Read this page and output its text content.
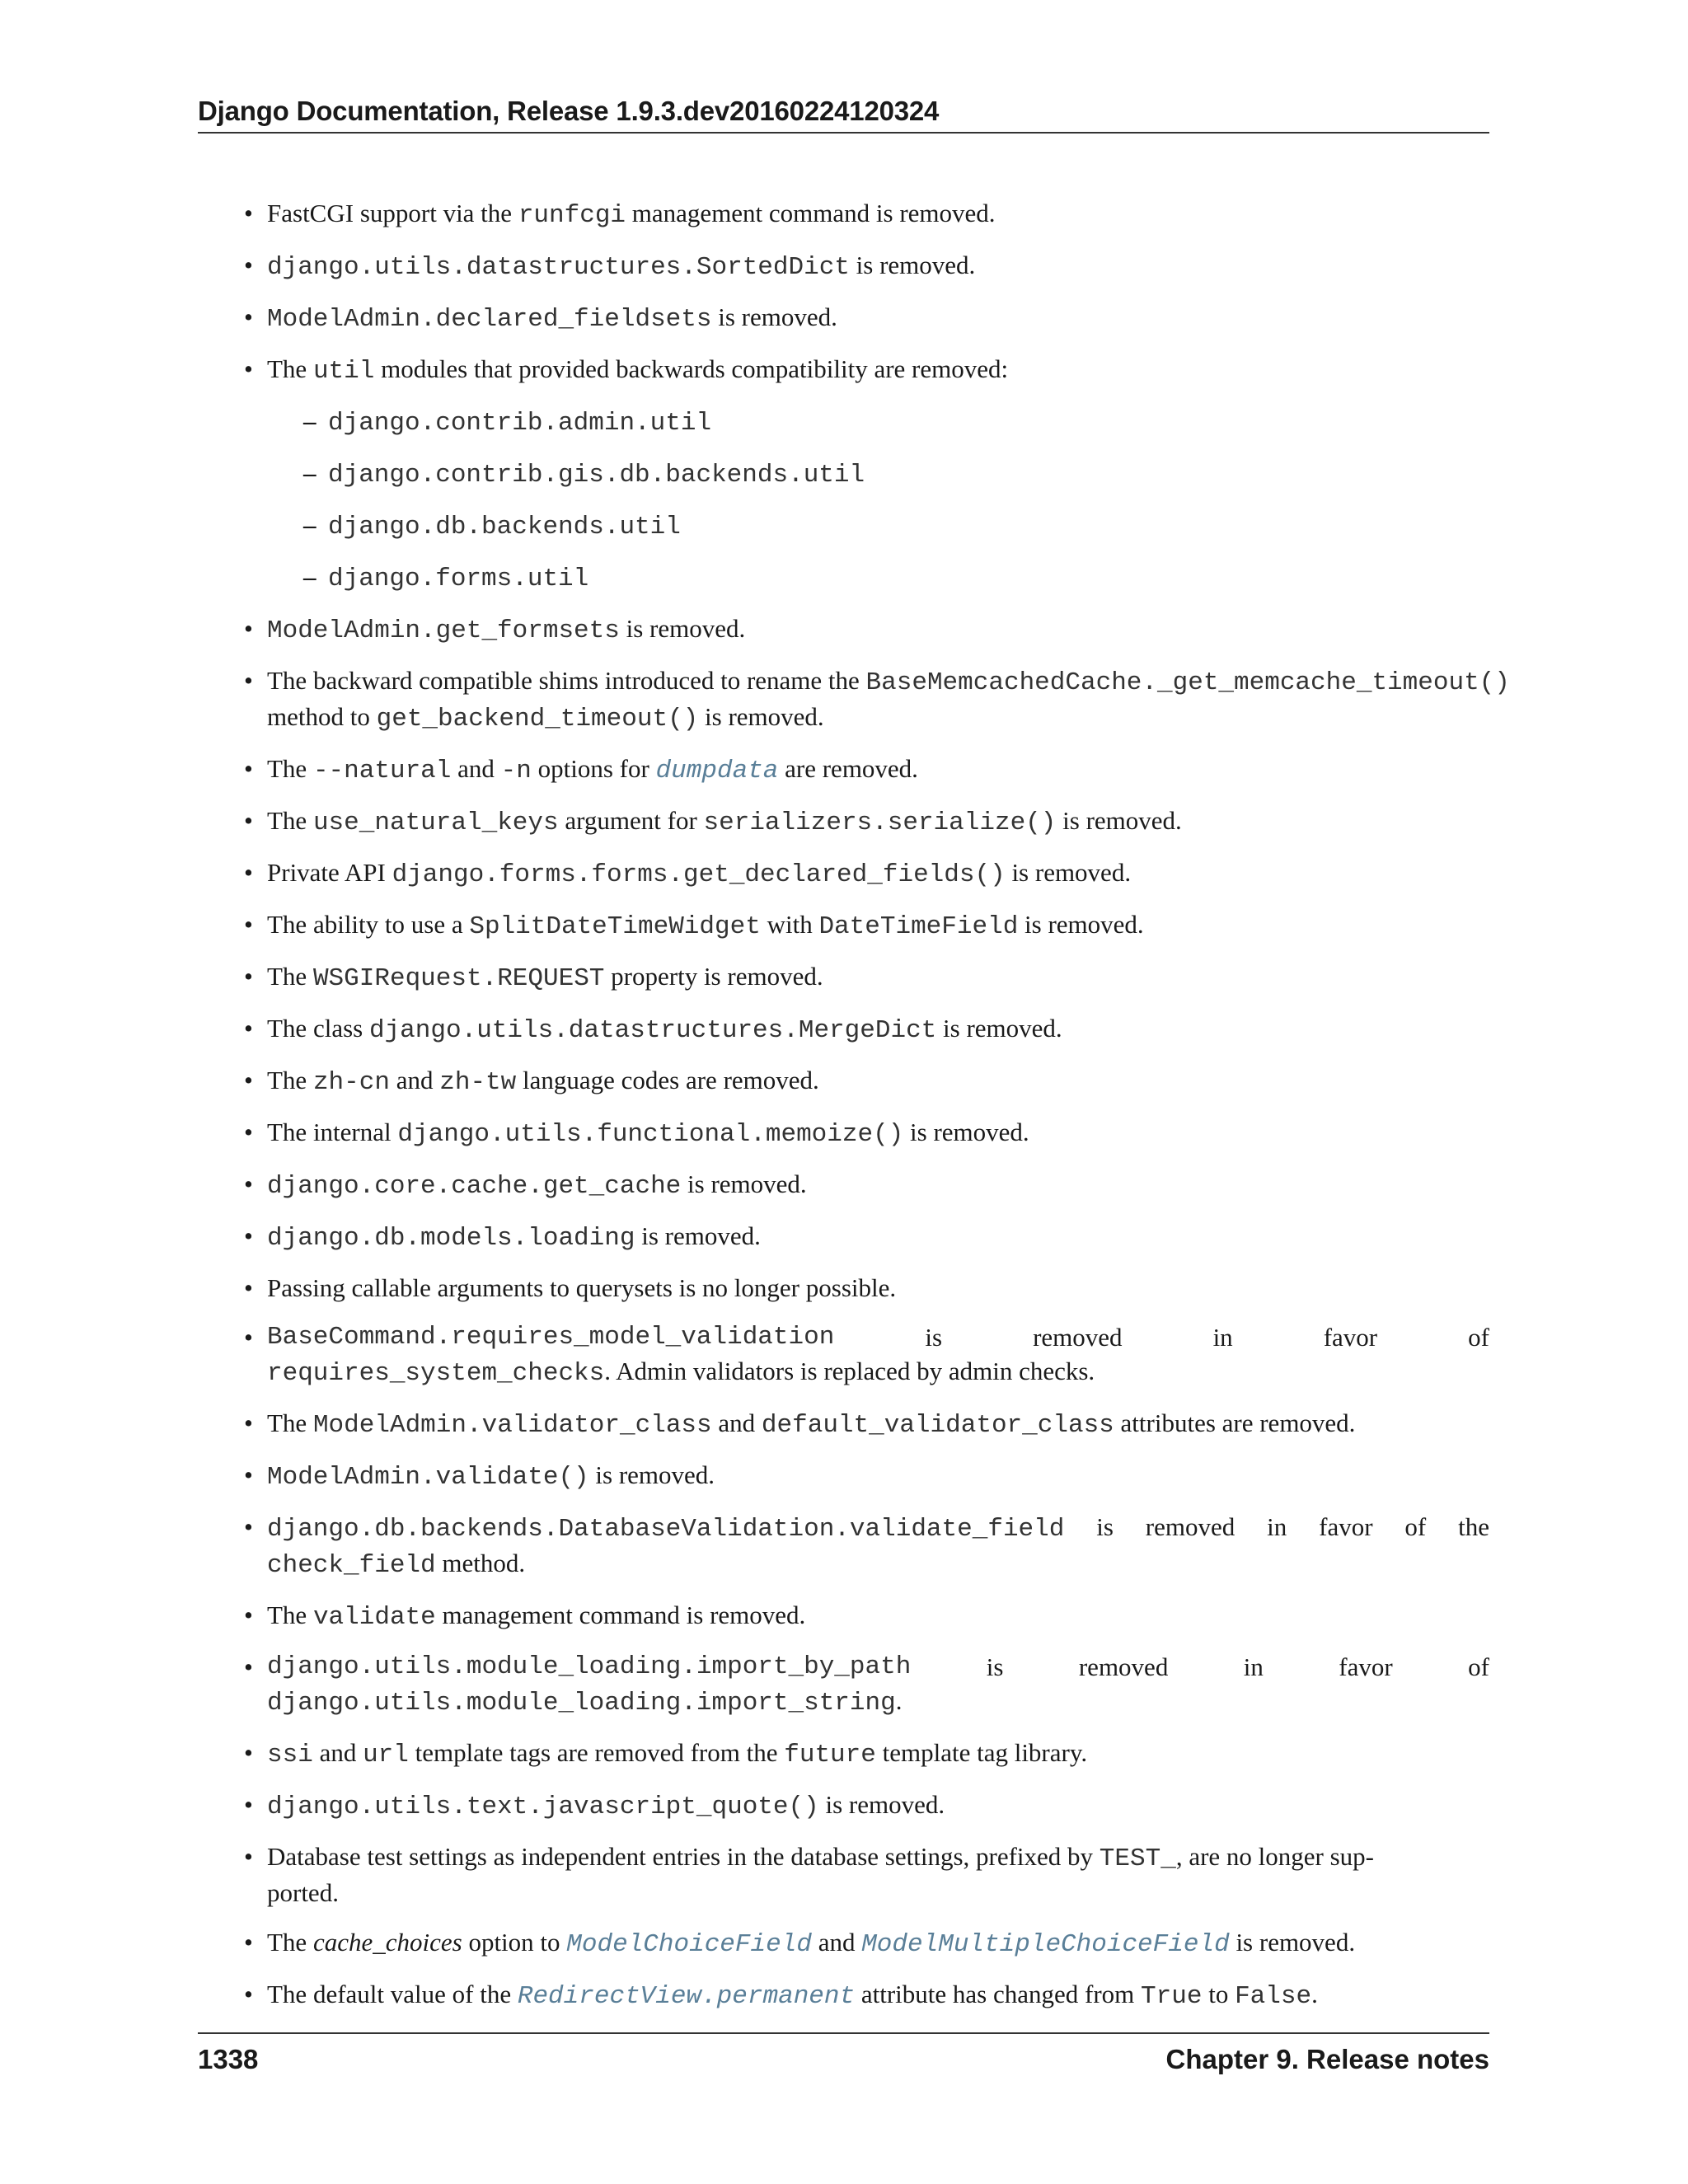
Django Documentation, Release 1.9.3.dev20160224120324
• FastCGI support via the runfcgi management command is removed.
• django.utils.datastructures.SortedDict is removed.
• ModelAdmin.declared_fieldsets is removed.
• The util modules that provided backwards compatibility are removed:
– django.contrib.admin.util
– django.contrib.gis.db.backends.util
– django.db.backends.util
– django.forms.util
• ModelAdmin.get_formsets is removed.
• The backward compatible shims introduced to rename the BaseMemcachedCache._get_memcache_timeout()
method to get_backend_timeout() is removed.
• The --natural and -n options for dumpdata are removed.
• The use_natural_keys argument for serializers.serialize() is removed.
• Private API django.forms.forms.get_declared_fields() is removed.
• The ability to use a SplitDateTimeWidget with DateTimeField is removed.
• The WSGIRequest.REQUEST property is removed.
• The class django.utils.datastructures.MergeDict is removed.
• The zh-cn and zh-tw language codes are removed.
• The internal django.utils.functional.memoize() is removed.
• django.core.cache.get_cache is removed.
• django.db.models.loading is removed.
• Passing callable arguments to querysets is no longer possible.
• BaseCommand.requires_model_validation	is	removed	in	favor	of
requires_system_checks. Admin validators is replaced by admin checks.
• The ModelAdmin.validator_class and default_validator_class attributes are removed.
• ModelAdmin.validate() is removed.
• django.db.backends.DatabaseValidation.validate_field is removed in favor of the check_field method.
• The validate management command is removed.
• django.utils.module_loading.import_by_path	is	removed	in	favor	of
django.utils.module_loading.import_string.
• ssi and url template tags are removed from the future template tag library.
• django.utils.text.javascript_quote() is removed.
• Database test settings as independent entries in the database settings, prefixed by TEST_, are no longer sup-
ported.
• The cache_choices option to ModelChoiceField and ModelMultipleChoiceField is removed.
• The default value of the RedirectView.permanent attribute has changed from True to False.
1338	Chapter 9. Release notes
